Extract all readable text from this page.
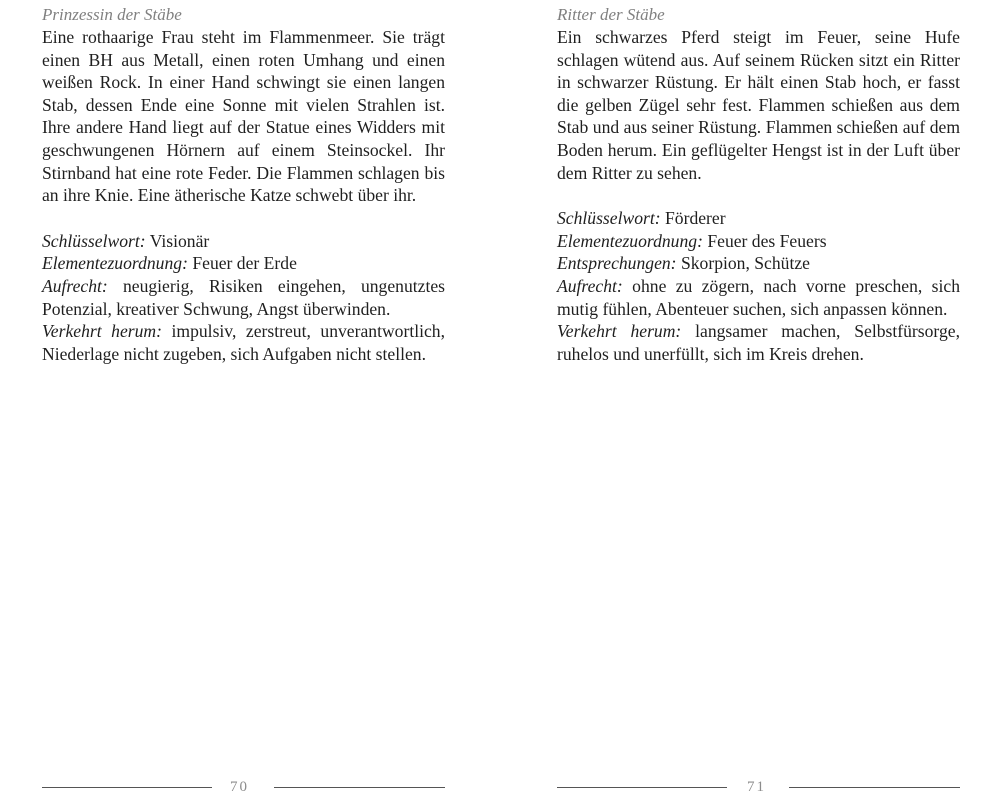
Prinzessin der Stäbe

Eine rothaarige Frau steht im Flammenmeer. Sie trägt einen BH aus Metall, einen roten Umhang und einen weißen Rock. In einer Hand schwingt sie einen langen Stab, dessen Ende eine Sonne mit vielen Strahlen ist. Ihre andere Hand liegt auf der Statue eines Widders mit geschwungenen Hörnern auf einem Steinsockel. Ihr Stirnband hat eine rote Feder. Die Flammen schlagen bis an ihre Knie. Eine ätherische Katze schwebt über ihr.

Schlüsselwort: Visionär

Elementezuordnung: Feuer der Erde

Aufrecht: neugierig, Risiken eingehen, ungenutztes Potenzial, kreativer Schwung, Angst überwinden.

Verkehrt herum: impulsiv, zerstreut, unverantwortlich, Niederlage nicht zugeben, sich Aufgaben nicht stellen.

Ritter der Stäbe

Ein schwarzes Pferd steigt im Feuer, seine Hufe schlagen wütend aus. Auf seinem Rücken sitzt ein Ritter in schwarzer Rüstung. Er hält einen Stab hoch, er fasst die gelben Zügel sehr fest. Flammen schießen aus dem Stab und aus seiner Rüstung. Flammen schießen auf dem Boden herum. Ein geflügelter Hengst ist in der Luft über dem Ritter zu sehen.

Schlüsselwort: Förderer

Elementezuordnung: Feuer des Feuers

Entsprechungen: Skorpion, Schütze

Aufrecht: ohne zu zögern, nach vorne preschen, sich mutig fühlen, Abenteuer suchen, sich anpassen können.

Verkehrt herum: langsamer machen, Selbstfürsorge, ruhelos und unerfüllt, sich im Kreis drehen.

70	71
